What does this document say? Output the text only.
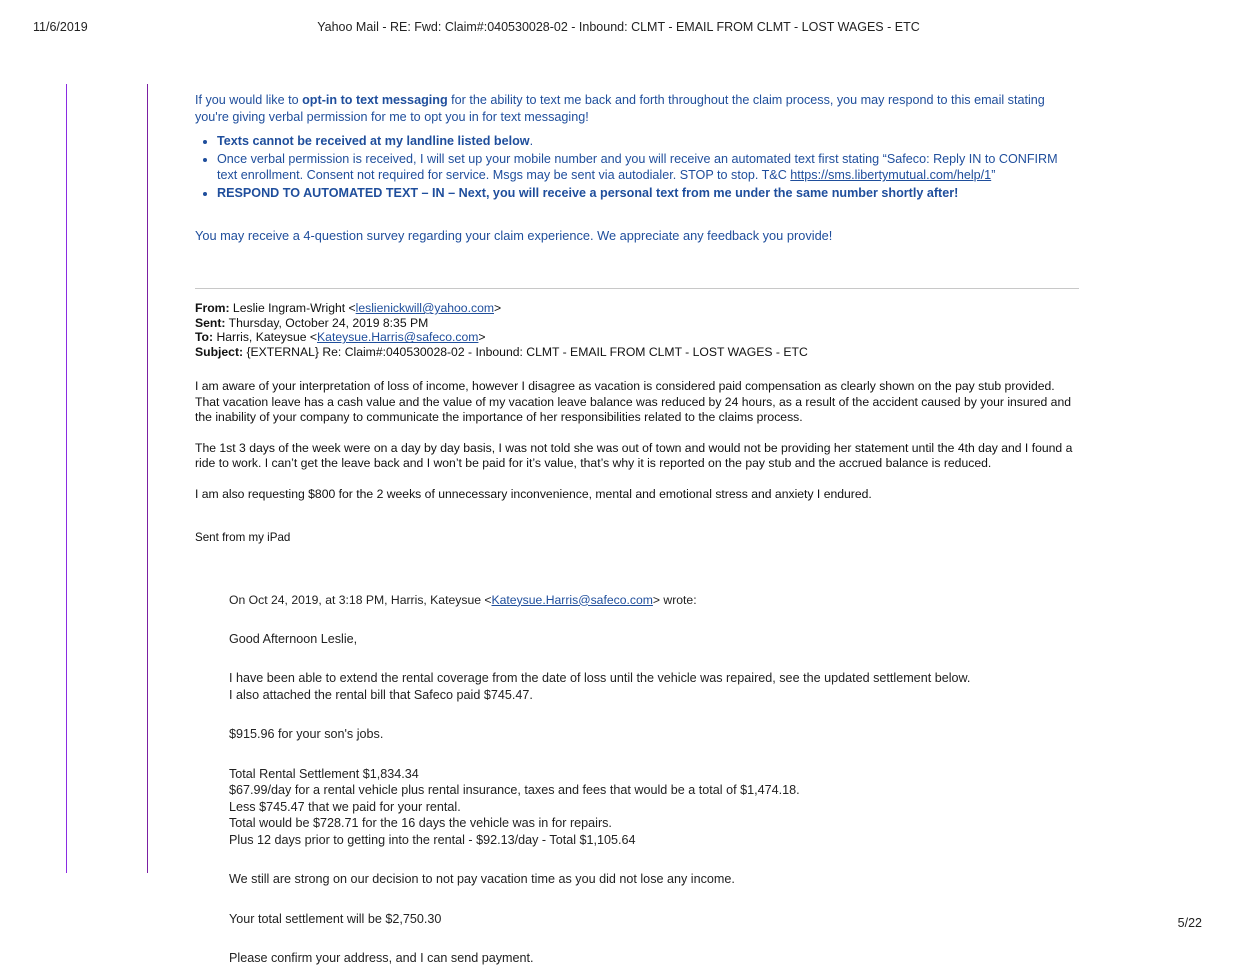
11/6/2019	Yahoo Mail - RE: Fwd: Claim#:040530028-02 - Inbound: CLMT - EMAIL FROM CLMT - LOST WAGES - ETC
If you would like to opt-in to text messaging for the ability to text me back and forth throughout the claim process, you may respond to this email stating you're giving verbal permission for me to opt you in for text messaging!
• Texts cannot be received at my landline listed below.
• Once verbal permission is received, I will set up your mobile number and you will receive an automated text first stating “Safeco: Reply IN to CONFIRM text enrollment. Consent not required for service. Msgs may be sent via autodialer. STOP to stop. T&C https://sms.libertymutual.com/help/1”
• RESPOND TO AUTOMATED TEXT – IN – Next, you will receive a personal text from me under the same number shortly after!
You may receive a 4-question survey regarding your claim experience. We appreciate any feedback you provide!
From: Leslie Ingram-Wright <leslienickwill@yahoo.com>
Sent: Thursday, October 24, 2019 8:35 PM
To: Harris, Kateysue <Kateysue.Harris@safeco.com>
Subject: {EXTERNAL} Re: Claim#:040530028-02 - Inbound: CLMT - EMAIL FROM CLMT - LOST WAGES - ETC
I am aware of your interpretation of loss of income, however I disagree as vacation is considered paid compensation as clearly shown on the pay stub provided. That vacation leave has a cash value and the value of my vacation leave balance was reduced by 24 hours, as a result of the accident caused by your insured and the inability of your company to communicate the importance of her responsibilities related to the claims process.
The 1st 3 days of the week were on a day by day basis, I was not told she was out of town and would not be providing her statement until the 4th day and I found a ride to work. I can’t get the leave back and I won’t be paid for it’s value, that’s why it is reported on the pay stub and the accrued balance is reduced.
I am also requesting $800 for the 2 weeks of unnecessary inconvenience, mental and emotional stress and anxiety I endured.
Sent from my iPad
On Oct 24, 2019, at 3:18 PM, Harris, Kateysue <Kateysue.Harris@safeco.com> wrote:

Good Afternoon Leslie,

I have been able to extend the rental coverage from the date of loss until the vehicle was repaired, see the updated settlement below.
I also attached the rental bill that Safeco paid $745.47.

$915.96 for your son's jobs.

Total Rental Settlement $1,834.34
$67.99/day for a rental vehicle plus rental insurance, taxes and fees that would be a total of $1,474.18.
Less $745.47 that we paid for your rental.
Total would be $728.71 for the 16 days the vehicle was in for repairs.
Plus 12 days prior to getting into the rental - $92.13/day - Total $1,105.64

We still are strong on our decision to not pay vacation time as you did not lose any income.

Your total settlement will be $2,750.30

Please confirm your address, and I can send payment.

5/22
